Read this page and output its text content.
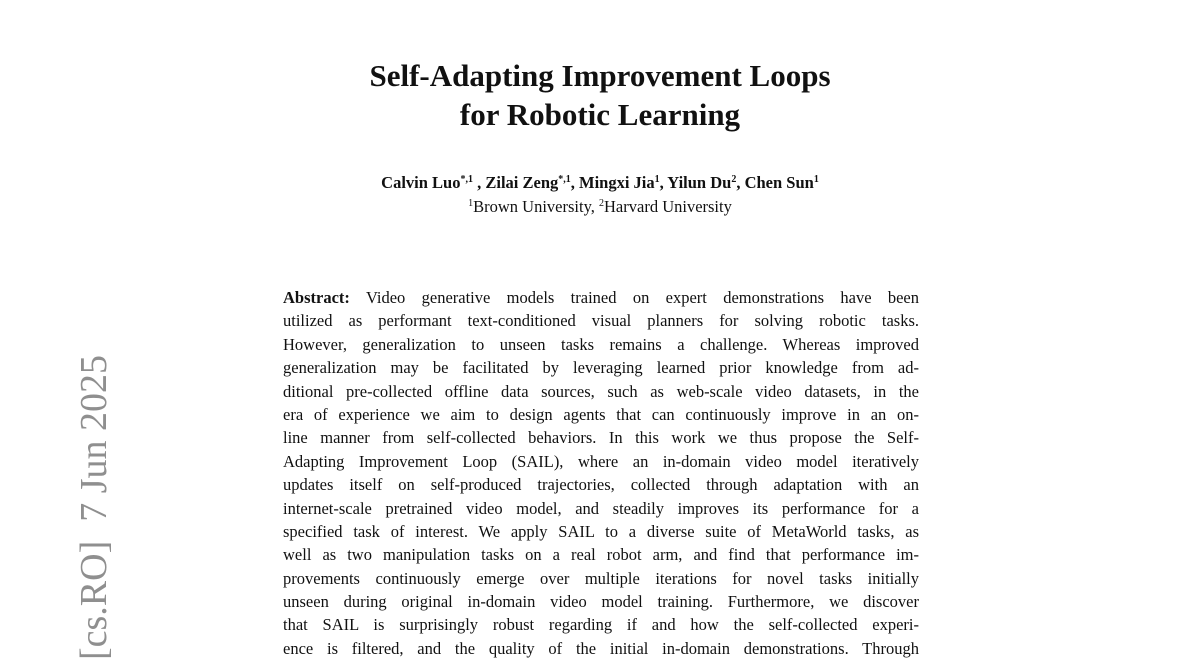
Self-Adapting Improvement Loops
for Robotic Learning
Calvin Luo$^{*,1}$ , Zilai Zeng$^{*,1}$, Mingxi Jia$^1$, Yilun Du$^2$, Chen Sun$^1$
$^1$Brown University, $^2$Harvard University
Abstract: Video generative models trained on expert demonstrations have been
utilized as performant text-conditioned visual planners for solving robotic tasks.
However, generalization to unseen tasks remains a challenge. Whereas improved
generalization may be facilitated by leveraging learned prior knowledge from ad-
ditional pre-collected offline data sources, such as web-scale video datasets, in the
era of experience we aim to design agents that can continuously improve in an on-
line manner from self-collected behaviors. In this work we thus propose the Self-
Adapting Improvement Loop (SAIL), where an in-domain video model iteratively
updates itself on self-produced trajectories, collected through adaptation with an
internet-scale pretrained video model, and steadily improves its performance for a
specified task of interest. We apply SAIL to a diverse suite of MetaWorld tasks, as
well as two manipulation tasks on a real robot arm, and find that performance im-
provements continuously emerge over multiple iterations for novel tasks initially
unseen during original in-domain video model training. Furthermore, we discover
that SAIL is surprisingly robust regarding if and how the self-collected experi-
ence is filtered, and the quality of the initial in-domain demonstrations. Through
[cs.RO]  7 Jun 2025
